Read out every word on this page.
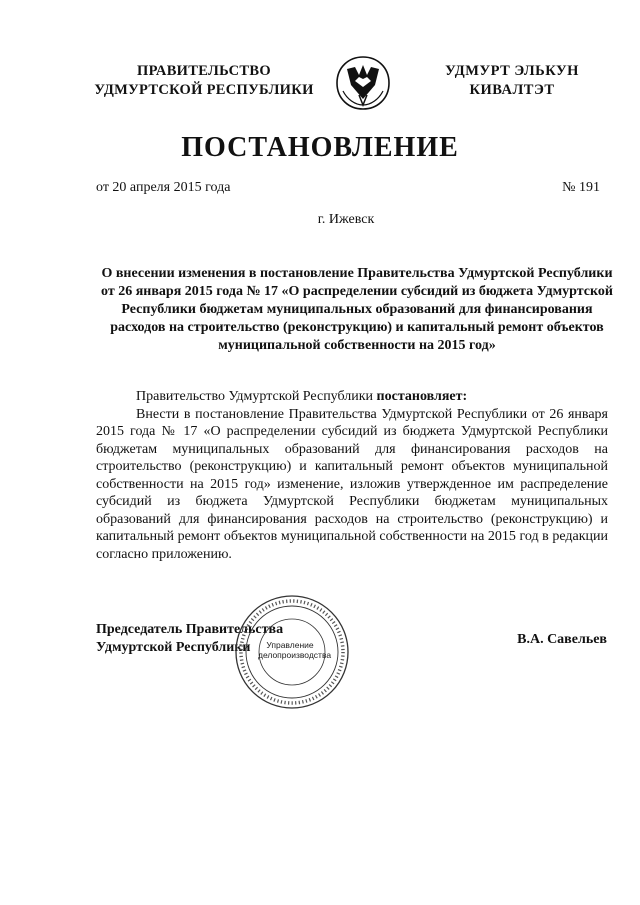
ПРАВИТЕЛЬСТВО
УДМУРТСКОЙ РЕСПУБЛИКИ
УДМУРТ ЭЛЬКУН
КИВАЛТЭТ
ПОСТАНОВЛЕНИЕ
от 20 апреля 2015 года	№ 191
г. Ижевск
О внесении изменения в постановление Правительства Удмуртской Республики от 26 января 2015 года № 17 «О распределении субсидий из бюджета Удмуртской Республики бюджетам муниципальных образований для финансирования расходов на строительство (реконструкцию) и капитальный ремонт объектов муниципальной собственности на 2015 год»

Правительство Удмуртской Республики постановляет:

Внести в постановление Правительства Удмуртской Республики от 26 января 2015 года № 17 «О распределении субсидий из бюджета Удмуртской Республики бюджетам муниципальных образований для финансирования расходов на строительство (реконструкцию) и капитальный ремонт объектов муниципальной собственности на 2015 год» изменение, изложив утвержденное им распределение субсидий из бюджета Удмуртской Республики бюджетам муниципальных образований для финансирования расходов на строительство (реконструкцию) и капитальный ремонт объектов муниципальной собственности на 2015 год в редакции согласно приложению.

Председатель Правительства
Удмуртской Республики	Управление
делопроизводства
В.А. Савельев
